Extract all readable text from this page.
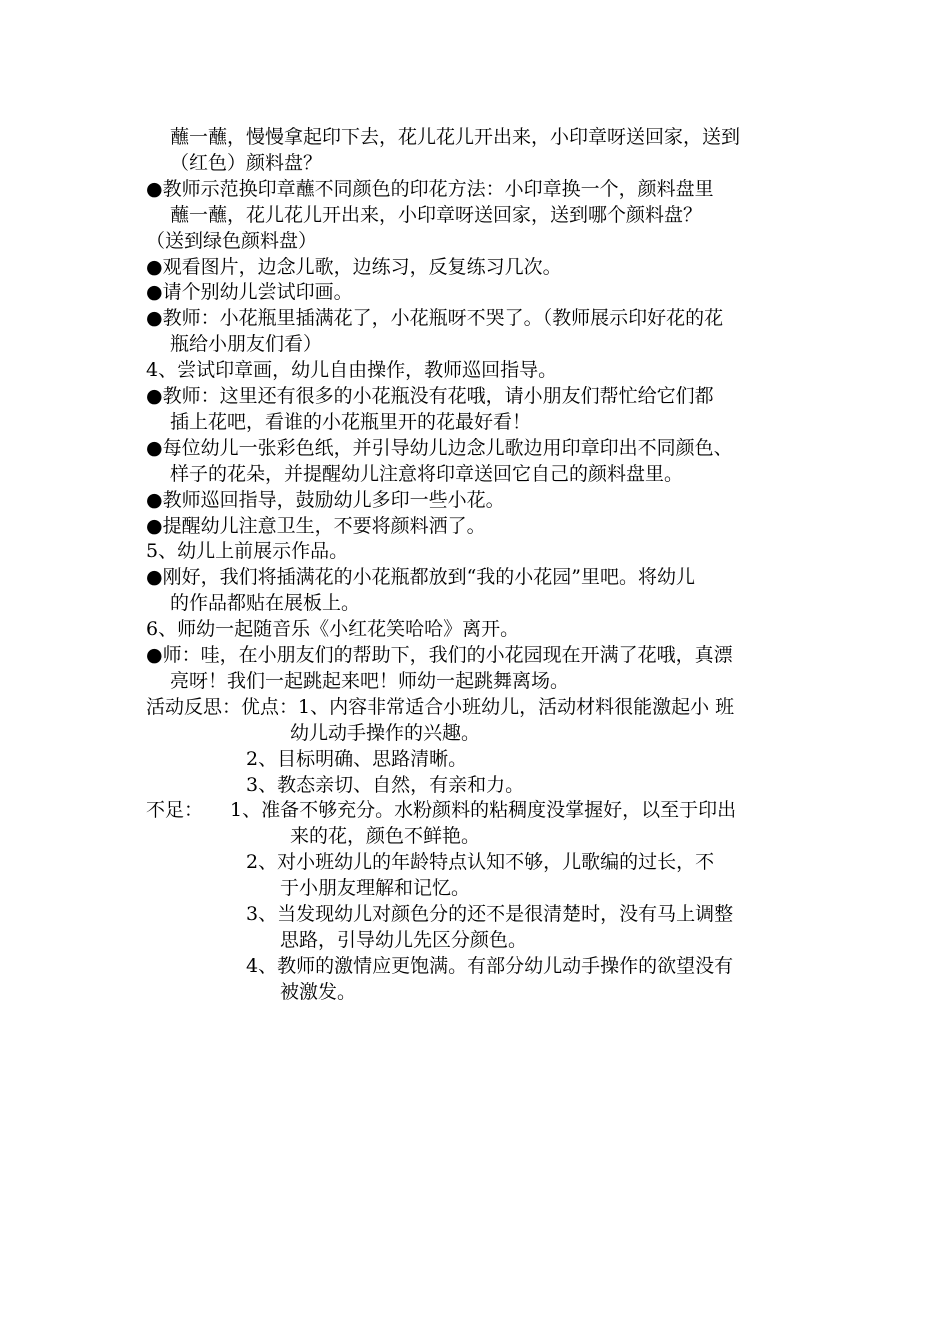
蘸一蘸，慢慢拿起印下去，花儿花儿开出来，小印章呀送回家，送到
（红色）颜料盘？
●教师示范换印章蘸不同颜色的印花方法：小印章换一个，颜料盘里
蘸一蘸，花儿花儿开出来，小印章呀送回家，送到哪个颜料盘？
（送到绿色颜料盘）
●观看图片，边念儿歌，边练习，反复练习几次。
●请个别幼儿尝试印画。
●教师：小花瓶里插满花了，小花瓶呀不哭了。（教师展示印好花的花
瓶给小朋友们看）
4、尝试印章画，幼儿自由操作，教师巡回指导。
●教师：这里还有很多的小花瓶没有花哦，请小朋友们帮忙给它们都
插上花吧，看谁的小花瓶里开的花最好看！
●每位幼儿一张彩色纸，并引导幼儿边念儿歌边用印章印出不同颜色、
样子的花朵，并提醒幼儿注意将印章送回它自己的颜料盘里。
●教师巡回指导，鼓励幼儿多印一些小花。
●提醒幼儿注意卫生，不要将颜料洒了。
5、幼儿上前展示作品。
●刚好，我们将插满花的小花瓶都放到“我的小花园”里吧。将幼儿
的作品都贴在展板上。
6、师幼一起随音乐《小红花笑哈哈》离开。
●师：哇，在小朋友们的帮助下，我们的小花园现在开满了花哦，真漂
亮呀！我们一起跳起来吧！师幼一起跳舞离场。
活动反思：优点：1、内容非常适合小班幼儿，活动材料很能激起小 班
幼儿动手操作的兴趣。
2、目标明确、思路清晰。
3、教态亲切、自然，有亲和力。
不足： 1、准备不够充分。水粉颜料的粘稠度没掌握好，以至于印出
来的花，颜色不鲜艳。
2、对小班幼儿的年龄特点认知不够，儿歌编的过长，不
于小朋友理解和记忆。
3、当发现幼儿对颜色分的还不是很清楚时，没有马上调整
思路，引导幼儿先区分颜色。
4、教师的激情应更饱满。有部分幼儿动手操作的欲望没有
被激发。
